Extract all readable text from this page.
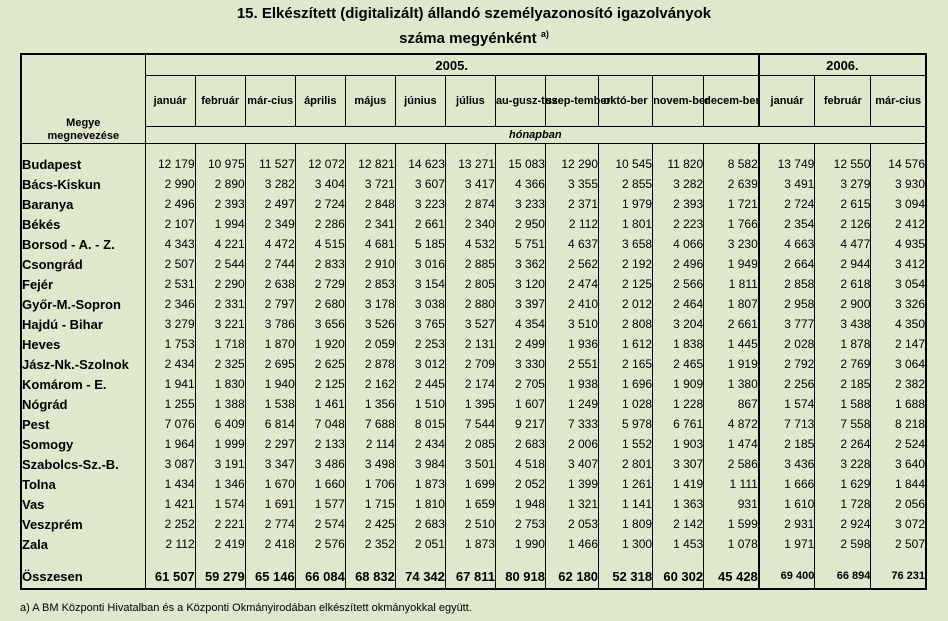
15. Elkészített (digitalizált) állandó személyazonosító igazolványok
száma megyénként $^{a)}$
Megye megnevezése	2005.												2006.		
	január	február	már-cius	április	május	június	július	au-gusz-tus	szep-tember	októ-ber	novem-ber	decem-ber	január	február	már-cius
	hónapban														

Budapest	12 179	10 975	11 527	12 072	12 821	14 623	13 271	15 083	12 290	10 545	11 820	8 582	13 749	12 550	14 576
Bács-Kiskun	2 990	2 890	3 282	3 404	3 721	3 607	3 417	4 366	3 355	2 855	3 282	2 639	3 491	3 279	3 930
Baranya	2 496	2 393	2 497	2 724	2 848	3 223	2 874	3 233	2 371	1 979	2 393	1 721	2 724	2 615	3 094
Békés	2 107	1 994	2 349	2 286	2 341	2 661	2 340	2 950	2 112	1 801	2 223	1 766	2 354	2 126	2 412
Borsod - A. - Z.	4 343	4 221	4 472	4 515	4 681	5 185	4 532	5 751	4 637	3 658	4 066	3 230	4 663	4 477	4 935
Csongrád	2 507	2 544	2 744	2 833	2 910	3 016	2 885	3 362	2 562	2 192	2 496	1 949	2 664	2 944	3 412
Fejér	2 531	2 290	2 638	2 729	2 853	3 154	2 805	3 120	2 474	2 125	2 566	1 811	2 858	2 618	3 054
Győr-M.-Sopron	2 346	2 331	2 797	2 680	3 178	3 038	2 880	3 397	2 410	2 012	2 464	1 807	2 958	2 900	3 326
Hajdú - Bihar	3 279	3 221	3 786	3 656	3 526	3 765	3 527	4 354	3 510	2 808	3 204	2 661	3 777	3 438	4 350
Heves	1 753	1 718	1 870	1 920	2 059	2 253	2 131	2 499	1 936	1 612	1 838	1 445	2 028	1 878	2 147
Jász-Nk.-Szolnok	2 434	2 325	2 695	2 625	2 878	3 012	2 709	3 330	2 551	2 165	2 465	1 919	2 792	2 769	3 064
Komárom - E.	1 941	1 830	1 940	2 125	2 162	2 445	2 174	2 705	1 938	1 696	1 909	1 380	2 256	2 185	2 382
Nógrád	1 255	1 388	1 538	1 461	1 356	1 510	1 395	1 607	1 249	1 028	1 228	867	1 574	1 588	1 688
Pest	7 076	6 409	6 814	7 048	7 688	8 015	7 544	9 217	7 333	5 978	6 761	4 872	7 713	7 558	8 218
Somogy	1 964	1 999	2 297	2 133	2 114	2 434	2 085	2 683	2 006	1 552	1 903	1 474	2 185	2 264	2 524
Szabolcs-Sz.-B.	3 087	3 191	3 347	3 486	3 498	3 984	3 501	4 518	3 407	2 801	3 307	2 586	3 436	3 228	3 640
Tolna	1 434	1 346	1 670	1 660	1 706	1 873	1 699	2 052	1 399	1 261	1 419	1 111	1 666	1 629	1 844
Vas	1 421	1 574	1 691	1 577	1 715	1 810	1 659	1 948	1 321	1 141	1 363	931	1 610	1 728	2 056
Veszprém	2 252	2 221	2 774	2 574	2 425	2 683	2 510	2 753	2 053	1 809	2 142	1 599	2 931	2 924	3 072
Zala	2 112	2 419	2 418	2 576	2 352	2 051	1 873	1 990	1 466	1 300	1 453	1 078	1 971	2 598	2 507

Összesen	61 507	59 279	65 146	66 084	68 832	74 342	67 811	80 918	62 180	52 318	60 302	45 428	69 400	66 894	76 231
a) A BM Központi Hivatalban és a Központi Okmányirodában elkészített okmányokkal együtt.
